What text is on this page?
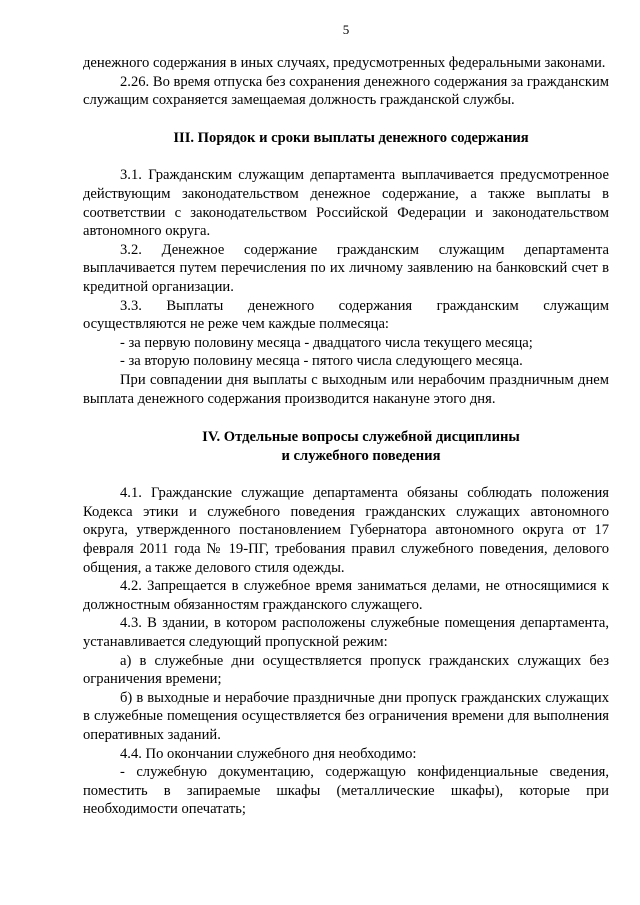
5

денежного содержания в иных случаях, предусмотренных федеральными законами.

2.26. Во время отпуска без сохранения денежного содержания за гражданским служащим сохраняется замещаемая должность гражданской службы.

III. Порядок и сроки выплаты денежного содержания

3.1. Гражданским служащим департамента выплачивается предусмотренное действующим законодательством денежное содержание, а также выплаты в соответствии с законодательством Российской Федерации и законодательством автономного округа.

3.2. Денежное содержание гражданским служащим департамента выплачивается путем перечисления по их личному заявлению на банковский счет в кредитной организации.

3.3. Выплаты денежного содержания гражданским служащим осуществляются не реже чем каждые полмесяца:

- за первую половину месяца - двадцатого числа текущего месяца;

- за вторую половину месяца - пятого числа следующего месяца.

При совпадении дня выплаты с выходным или нерабочим праздничным днем выплата денежного содержания производится накануне этого дня.

IV. Отдельные вопросы служебной дисциплины
и служебного поведения

4.1. Гражданские служащие департамента обязаны соблюдать положения Кодекса этики и служебного поведения гражданских служащих автономного округа, утвержденного постановлением Губернатора автономного округа от 17 февраля 2011 года № 19-ПГ, требования правил служебного поведения, делового общения, а также делового стиля одежды.

4.2. Запрещается в служебное время заниматься делами, не относящимися к должностным обязанностям гражданского служащего.

4.3. В здании, в котором расположены служебные помещения департамента, устанавливается следующий пропускной режим:

а) в служебные дни осуществляется пропуск гражданских служащих без ограничения времени;

б) в выходные и нерабочие праздничные дни пропуск гражданских служащих в служебные помещения осуществляется без ограничения времени для выполнения оперативных заданий.

4.4. По окончании служебного дня необходимо:

- служебную документацию, содержащую конфиденциальные сведения, поместить в запираемые шкафы (металлические шкафы), которые при необходимости опечатать;
